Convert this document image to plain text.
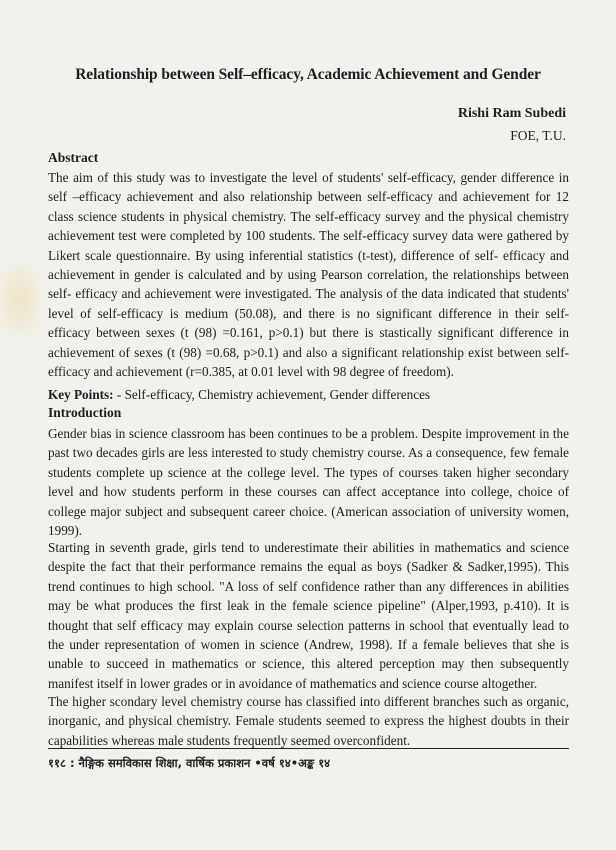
Relationship between Self–efficacy, Academic Achievement and Gender
Rishi Ram Subedi
FOE, T.U.
Abstract
The aim of this study was to investigate the level of students' self-efficacy, gender difference in self –efficacy achievement and also relationship between self-efficacy and achievement for 12 class science students in physical chemistry. The self-efficacy survey and the physical chemistry achievement test were completed by 100 students. The self-efficacy survey data were gathered by Likert scale questionnaire. By using inferential statistics (t-test), difference of self- efficacy and achievement in gender is calculated and by using Pearson correlation, the relationships between self- efficacy and achievement were investigated. The analysis of the data indicated that students' level of self-efficacy is medium (50.08), and there is no significant difference in their self- efficacy between sexes (t (98) =0.161, p>0.1) but there is stastically significant difference in achievement of sexes (t (98) =0.68, p>0.1) and also a significant relationship exist between self-efficacy and achievement (r=0.385, at 0.01 level with 98 degree of freedom).
Key Points: - Self-efficacy, Chemistry achievement, Gender differences
Introduction
Gender bias in science classroom has been continues to be a problem. Despite improvement in the past two decades girls are less interested to study chemistry course. As a consequence, few female students complete up science at the college level. The types of courses taken higher secondary level and how students perform in these courses can affect acceptance into college, choice of college major subject and subsequent career choice. (American association of university women, 1999).
Starting in seventh grade, girls tend to underestimate their abilities in mathematics and science despite the fact that their performance remains the equal as boys (Sadker & Sadker,1995). This trend continues to high school. "A loss of self confidence rather than any differences in abilities may be what produces the first leak in the female science pipeline" (Alper,1993, p.410). It is thought that self efficacy may explain course selection patterns in school that eventually lead to the under representation of women in science (Andrew, 1998). If a female believes that she is unable to succeed in mathematics or science, this altered perception may then subsequently manifest itself in lower grades or in avoidance of mathematics and science course altogether.
The higher scondary level chemistry course has classified into different branches such as organic, inorganic, and physical chemistry. Female students seemed to express the highest doubts in their capabilities whereas male students frequently seemed overconfident.
११८ : नैङ्गिक समविकास शिक्षा, वार्षिक प्रकाशन •वर्ष १४•अङ्क १४
